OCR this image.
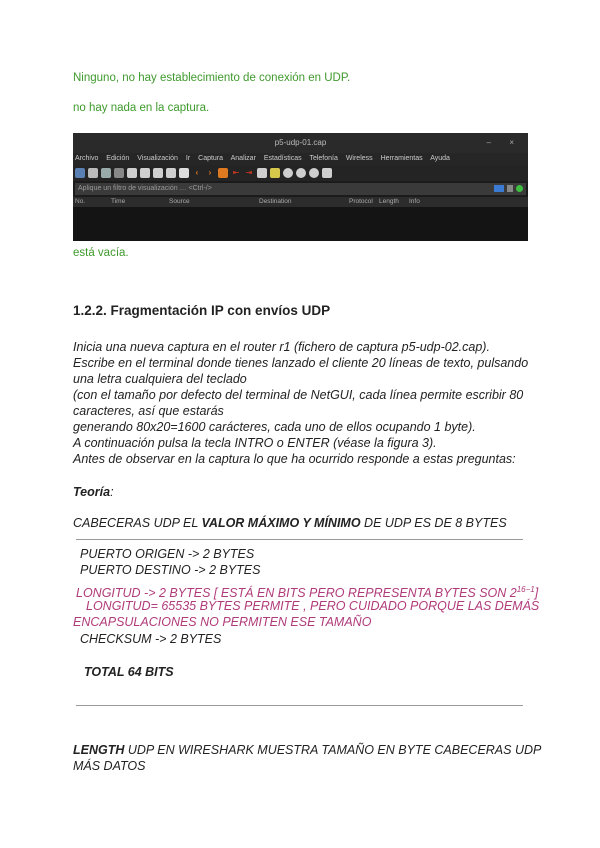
Ninguno, no hay establecimiento de conexión en UDP.
no hay nada en la captura.
p5-udp-01.cap	– ×
Archivo Edición Visualización Ir Captura Analizar Estadísticas Telefonía Wireless Herramientas Ayuda
‹	›	⇤ ⇥
Aplique un filtro de visualización … <Ctrl-/>
No.	Time	Source	Destination	Protocol Length Info
está vacía.
1.2.2. Fragmentación IP con envíos UDP
Inicia una nueva captura en el router r1 (fichero de captura p5-udp-02.cap).
Escribe en el terminal donde tienes lanzado el cliente 20 líneas de texto, pulsando
una letra cualquiera del teclado
(con el tamaño por defecto del terminal de NetGUI, cada línea permite escribir 80
caracteres, así que estarás
generando 80x20=1600 carácteres, cada uno de ellos ocupando 1 byte).
A continuación pulsa la tecla INTRO o ENTER (véase la figura 3).
Antes de observar en la captura lo que ha ocurrido responde a estas preguntas:
Teoría:
CABECERAS UDP EL VALOR MÁXIMO Y MÍNIMO DE UDP ES DE 8 BYTES
PUERTO ORIGEN -> 2 BYTES
PUERTO DESTINO -> 2 BYTES
LONGITUD -> 2 BYTES [ ESTÁ EN BITS PERO REPRESENTA BYTES SON $2^{16-1}$]
LONGITUD= 65535 BYTES PERMITE , PERO CUIDADO PORQUE LAS DEMÁS
ENCAPSULACIONES NO PERMITEN ESE TAMAÑO
CHECKSUM -> 2 BYTES
TOTAL 64 BITS
LENGTH UDP EN WIRESHARK MUESTRA TAMAÑO EN BYTE CABECERAS UDP
MÁS DATOS
